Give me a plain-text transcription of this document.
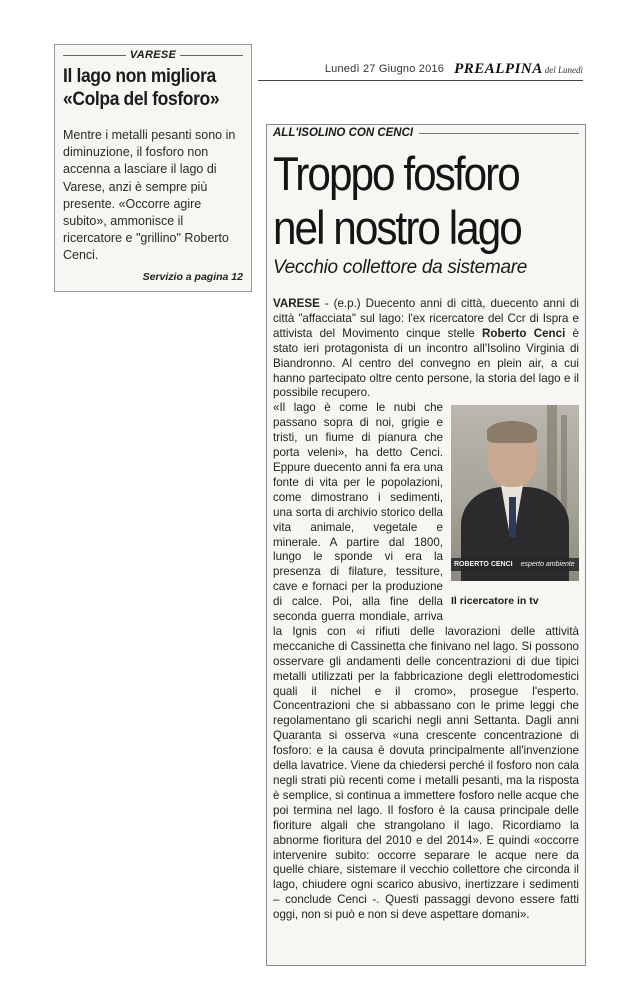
VARESE
Il lago non migliora
«Colpa del fosforo»
Mentre i metalli pesanti sono in diminuzione, il fosforo non accenna a lasciare il lago di Varese, anzi è sempre più presente. «Occorre agire subito», ammonisce il ricercatore e "grillino" Roberto Cenci.
Servizio a pagina 12
Lunedì 27 Giugno 2016 PREALPINA del Lunedì
ALL'ISOLINO CON CENCI
Troppo fosforo
nel nostro lago
Vecchio collettore da sistemare

VARESE - (e.p.) Duecento anni di città, duecento anni di città "affacciata" sul lago: l'ex ricercatore del Ccr di Ispra e attivista del Movimento cinque stelle Roberto Cenci è stato ieri protagonista di un incontro all'Isolino Virginia di Biandronno. Al centro del convegno en plein air, a cui hanno partecipato oltre cento persone, la storia del lago e il possibile recupero.

ROBERTO CENCI esperto ambiente
Il ricercatore in tv

«Il lago è come le nubi che passano sopra di noi, grigie e tristi, un fiume di pianura che porta veleni», ha detto Cenci. Eppure duecento anni fa era una fonte di vita per le popolazioni, come dimostrano i sedimenti, una sorta di archivio storico della vita animale, vegetale e minerale. A partire dal 1800, lungo le sponde vi era la presenza di filature, tessiture, cave e fornaci per la produzione di calce. Poi, alla fine della seconda guerra mondiale, arriva la Ignis con «i rifiuti delle lavorazioni delle attività meccaniche di Cassinetta che finivano nel lago. Si possono osservare gli andamenti delle concentrazioni di due tipici metalli utilizzati per la fabbricazione degli elettrodomestici quali il nichel e il cromo», prosegue l'esperto. Concentrazioni che si abbassano con le prime leggi che regolamentano gli scarichi negli anni Settanta. Dagli anni Quaranta si osserva «una crescente concentrazione di fosforo: e la causa è dovuta principalmente all'invenzione della lavatrice. Viene da chiedersi perché il fosforo non cala negli strati più recenti come i metalli pesanti, ma la risposta è semplice, si continua a immettere fosforo nelle acque che poi termina nel lago. Il fosforo è la causa principale delle fioriture algali che strangolano il lago. Ricordiamo la abnorme fioritura del 2010 e del 2014». E quindi «occorre intervenire subito: occorre separare le acque nere da quelle chiare, sistemare il vecchio collettore che circonda il lago, chiudere ogni scarico abusivo, inertizzare i sedimenti – conclude Cenci -. Questi passaggi devono essere fatti oggi, non si può e non si deve aspettare domani».
